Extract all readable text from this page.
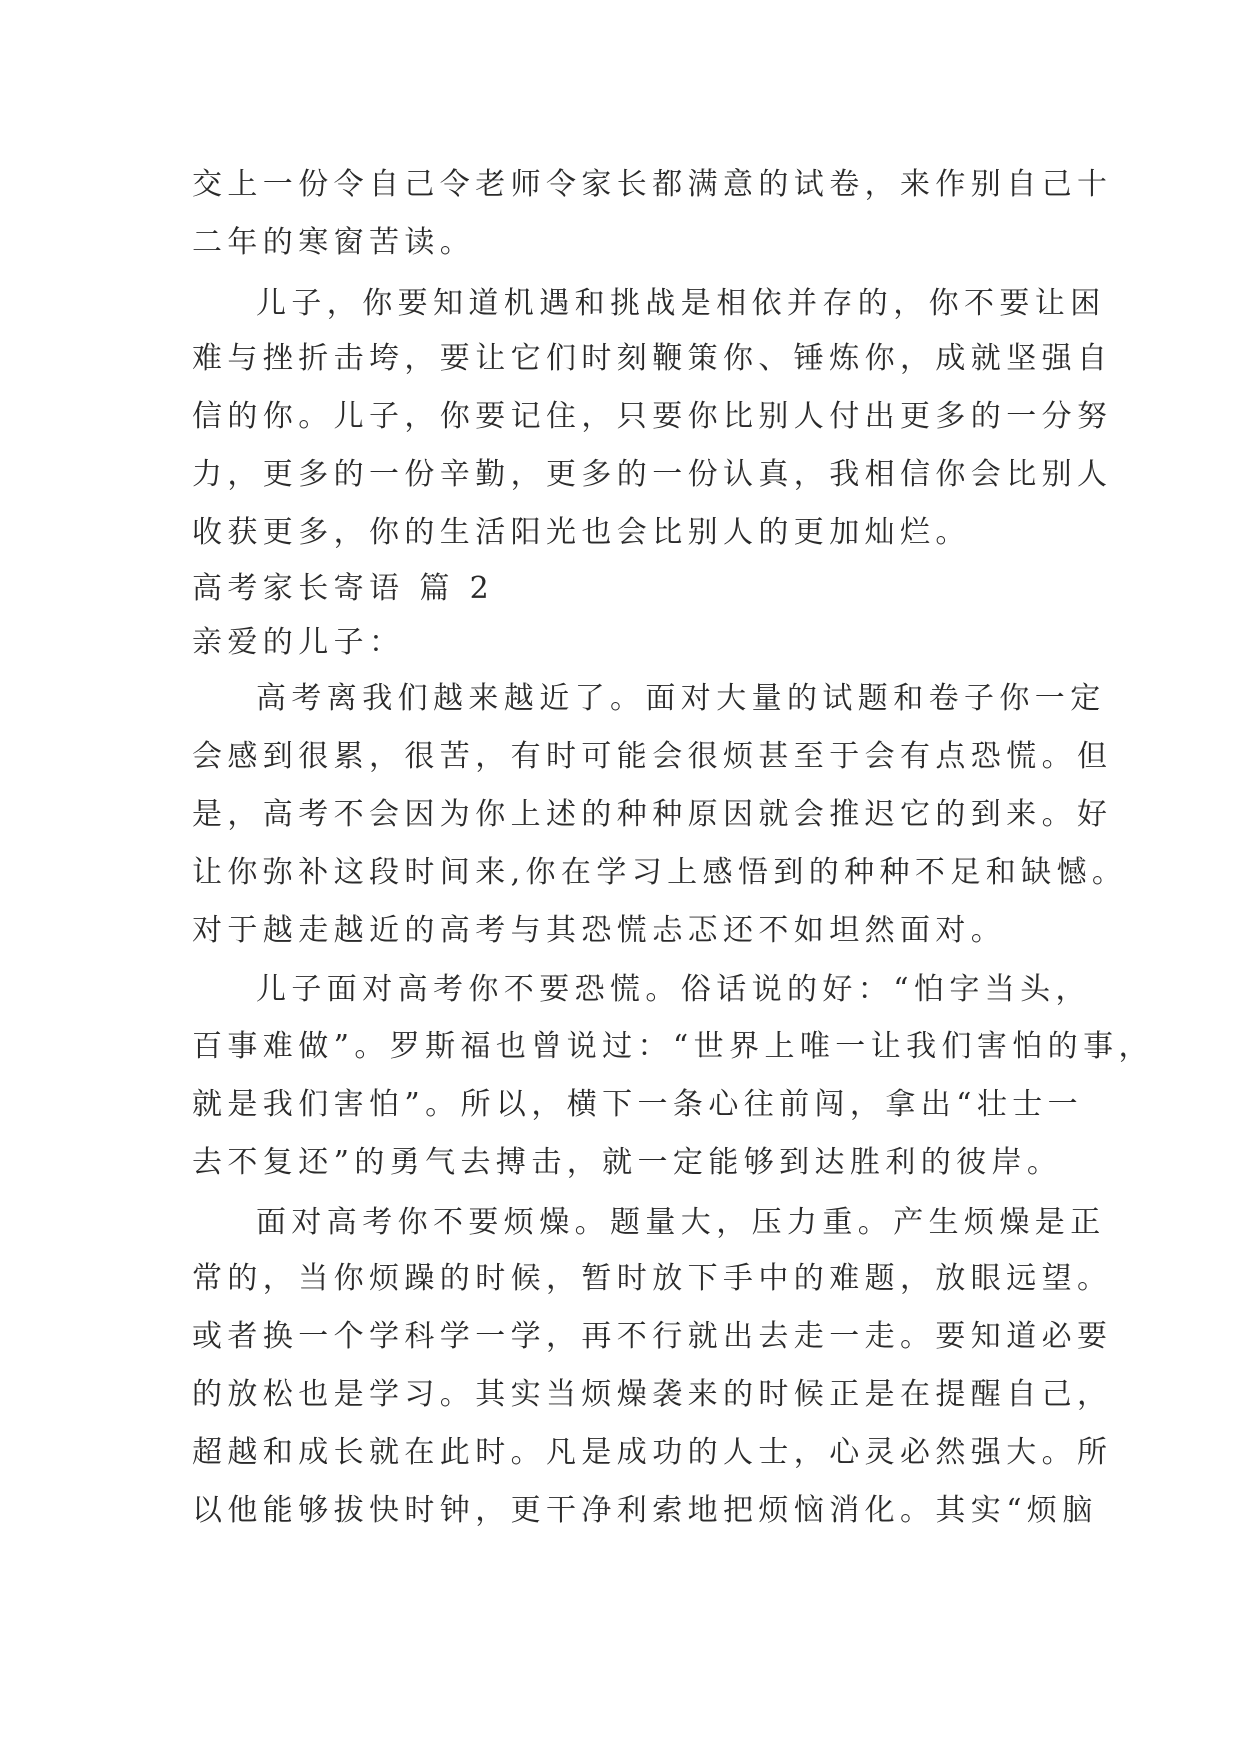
交上一份令自己令老师令家长都满意的试卷，来作别自己十

二年的寒窗苦读。

儿子，你要知道机遇和挑战是相依并存的，你不要让困

难与挫折击垮，要让它们时刻鞭策你、锤炼你，成就坚强自

信的你。儿子，你要记住，只要你比别人付出更多的一分努

力，更多的一份辛勤，更多的一份认真，我相信你会比别人

收获更多，你的生活阳光也会比别人的更加灿烂。

高考家长寄语 篇 2

亲爱的儿子：

高考离我们越来越近了。面对大量的试题和卷子你一定

会感到很累，很苦，有时可能会很烦甚至于会有点恐慌。但

是，高考不会因为你上述的种种原因就会推迟它的到来。好

让你弥补这段时间来,你在学习上感悟到的种种不足和缺憾。

对于越走越近的高考与其恐慌忐忑还不如坦然面对。

儿子面对高考你不要恐慌。俗话说的好：“怕字当头，

百事难做”。罗斯福也曾说过：“世界上唯一让我们害怕的事，

就是我们害怕”。所以，横下一条心往前闯，拿出“壮士一

去不复还”的勇气去搏击，就一定能够到达胜利的彼岸。

面对高考你不要烦燥。题量大，压力重。产生烦燥是正

常的，当你烦躁的时候，暂时放下手中的难题，放眼远望。

或者换一个学科学一学，再不行就出去走一走。要知道必要

的放松也是学习。其实当烦燥袭来的时候正是在提醒自己，

超越和成长就在此时。凡是成功的人士，心灵必然强大。所

以他能够拔快时钟，更干净利索地把烦恼消化。其实“烦脑
